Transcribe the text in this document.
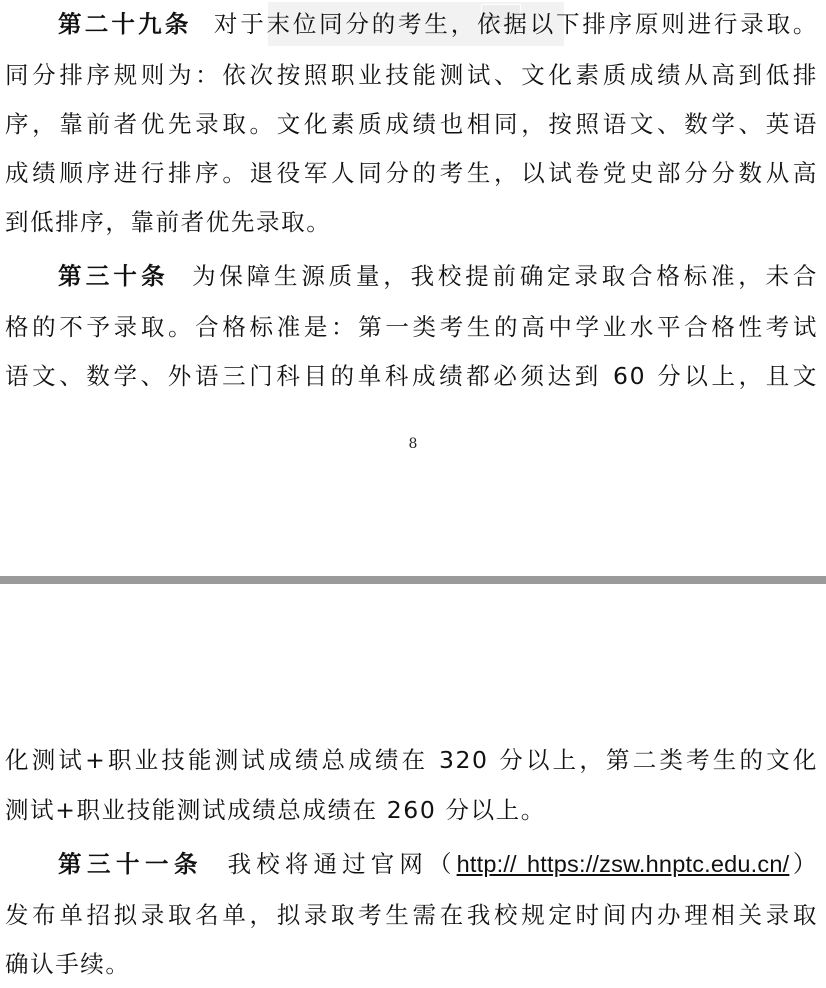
第二十九条 对于末位同分的考生，依据以下排序原则进行录取。
同分排序规则为：依次按照职业技能测试、文化素质成绩从高到低排
序，靠前者优先录取。文化素质成绩也相同，按照语文、数学、英语
成绩顺序进行排序。退役军人同分的考生，以试卷党史部分分数从高
到低排序，靠前者优先录取。
第三十条 为保障生源质量，我校提前确定录取合格标准，未合
格的不予录取。合格标准是：第一类考生的高中学业水平合格性考试
语文、数学、外语三门科目的单科成绩都必须达到 60 分以上，且文
8
化测试+职业技能测试成绩总成绩在 320 分以上，第二类考生的文化
测试+职业技能测试成绩总成绩在 260 分以上。
第三十一条 我校将通过官网（http:// https://zsw.hnptc.edu.cn/）
发布单招拟录取名单，拟录取考生需在我校规定时间内办理相关录取
确认手续。
